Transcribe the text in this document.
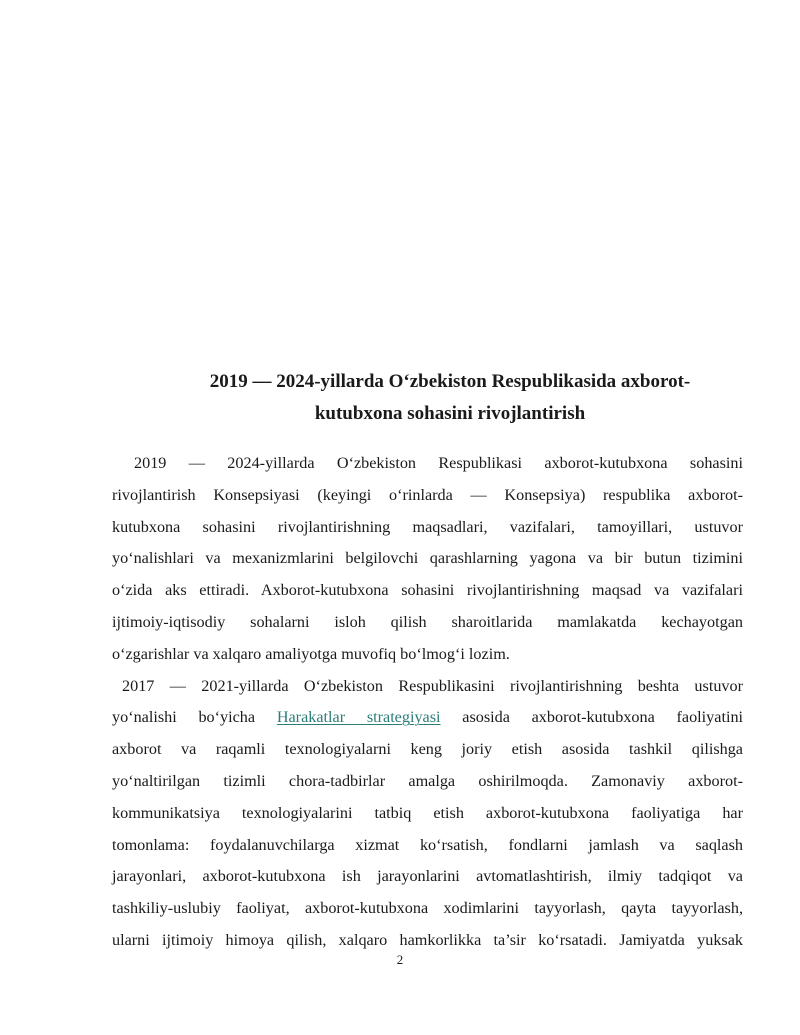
2019 — 2024-yillarda O‘zbekiston Respublikasida axborot-
kutubxona sohasini rivojlantirish
2019 — 2024-yillarda O‘zbekiston Respublikasi axborot-kutubxona sohasini
rivojlantirish Konsepsiyasi (keyingi o‘rinlarda — Konsepsiya) respublika axborot-
kutubxona sohasini rivojlantirishning maqsadlari, vazifalari, tamoyillari, ustuvor
yo‘nalishlari va mexanizmlarini belgilovchi qarashlarning yagona va bir butun tizimini
o‘zida aks ettiradi. Axborot-kutubxona sohasini rivojlantirishning maqsad va vazifalari
ijtimoiy-iqtisodiy sohalarni isloh qilish sharoitlarida mamlakatda kechayotgan
o‘zgarishlar va xalqaro amaliyotga muvofiq bo‘lmog‘i lozim.
2017 — 2021-yillarda O‘zbekiston Respublikasini rivojlantirishning beshta ustuvor
yo‘nalishi bo‘yicha Harakatlar strategiyasi asosida axborot-kutubxona faoliyatini
axborot va raqamli texnologiyalarni keng joriy etish asosida tashkil qilishga
yo‘naltirilgan tizimli chora-tadbirlar amalga oshirilmoqda. Zamonaviy axborot-
kommunikatsiya texnologiyalarini tatbiq etish axborot-kutubxona faoliyatiga har
tomonlama: foydalanuvchilarga xizmat ko‘rsatish, fondlarni jamlash va saqlash
jarayonlari, axborot-kutubxona ish jarayonlarini avtomatlashtirish, ilmiy tadqiqot va
tashkiliy-uslubiy faoliyat, axborot-kutubxona xodimlarini tayyorlash, qayta tayyorlash,
ularni ijtimoiy himoya qilish, xalqaro hamkorlikka ta’sir ko‘rsatadi. Jamiyatda yuksak
2
